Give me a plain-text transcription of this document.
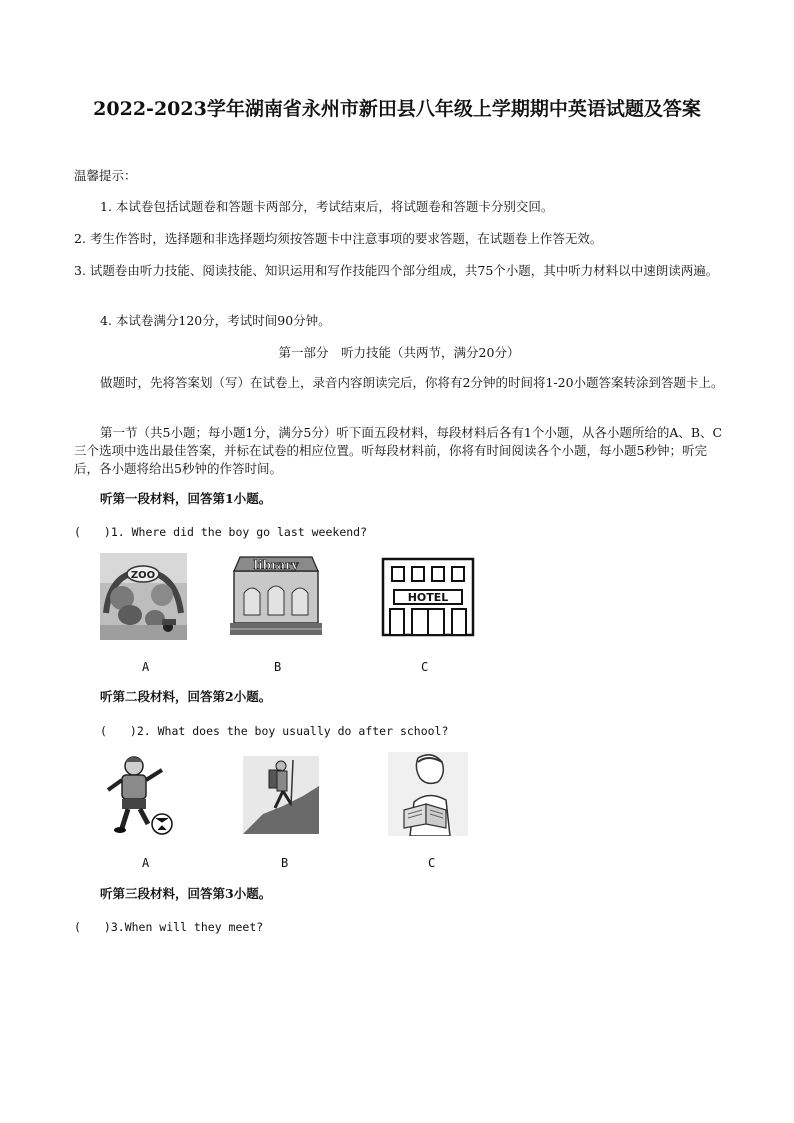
2022-2023学年湖南省永州市新田县八年级上学期期中英语试题及答案
温馨提示：
1. 本试卷包括试题卷和答题卡两部分，考试结束后，将试题卷和答题卡分别交回。
2. 考生作答时，选择题和非选择题均须按答题卡中注意事项的要求答题，在试题卷上作答无效。
3. 试题卷由听力技能、阅读技能、知识运用和写作技能四个部分组成，共75个小题，其中听力材料以中速朗读两遍。
4. 本试卷满分120分，考试时间90分钟。
第一部分　听力技能（共两节，满分20分）
做题时，先将答案划（写）在试卷上，录音内容朗读完后，你将有2分钟的时间将1-20小题答案转涂到答题卡上。
第一节（共5小题；每小题1分，满分5分）听下面五段材料，每段材料后各有1个小题，从各小题所给的A、B、C三个选项中选出最佳答案，并标在试卷的相应位置。听每段材料前，你将有时间阅读各个小题，每小题5秒钟；听完后，各小题将给出5秒钟的作答时间。
听第一段材料，回答第1小题。
(　　)1. Where did the boy go last weekend?
ZOO
library
HOTEL
A	B	C
听第二段材料，回答第2小题。
(　　)2. What does the boy usually do after school?
A	B	C
听第三段材料，回答第3小题。
(　　)3.When will they meet?
